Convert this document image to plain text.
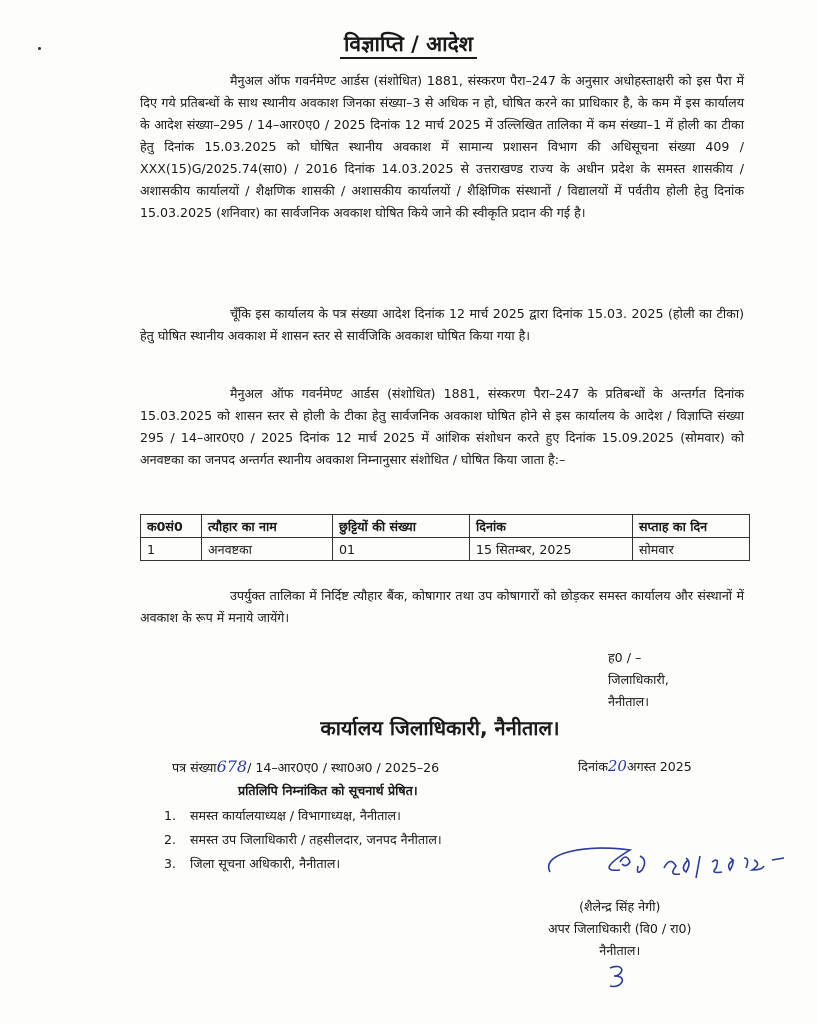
विज्ञाप्ति / आदेश
मैनुअल ऑफ गवर्नमेण्ट आर्डस (संशोधित) 1881, संस्करण पैरा–247 के अनुसार अधोहस्ताक्षरी को इस पैरा में दिए गये प्रतिबन्धों के साथ स्थानीय अवकाश जिनका संख्या–3 से अधिक न हो, घोषित करने का प्राधिकार है, के कम में इस कार्यालय के आदेश संख्या–295 / 14–आर0ए0 / 2025 दिनांक 12 मार्च 2025 में उल्लिखित तालिका में कम संख्या–1 में होली का टीका हेतु दिनांक 15.03.2025 को घोषित स्थानीय अवकाश में सामान्य प्रशासन विभाग की अधिसूचना संख्या 409 / XXX(15)G/2025.74(सा0) / 2016 दिनांक 14.03.2025 से उत्तराखण्ड राज्य के अधीन प्रदेश के समस्त शासकीय / अशासकीय कार्यालयों / शैक्षणिक शासकी / अशासकीय कार्यालयों / शैक्षिणिक संस्थानों / विद्यालयों में पर्वतीय होली हेतु दिनांक 15.03.2025 (शनिवार) का सार्वजनिक अवकाश घोषित किये जाने की स्वीकृति प्रदान की गई है।
चूँकि इस कार्यालय के पत्र संख्या आदेश दिनांक 12 मार्च 2025 द्वारा दिनांक 15.03. 2025 (होली का टीका) हेतु घोषित स्थानीय अवकाश में शासन स्तर से सार्वजिकि अवकाश घोषित किया गया है।
मैनुअल ऑफ गवर्नमेण्ट आर्डस (संशोधित) 1881, संस्करण पैरा–247 के प्रतिबन्धों के अन्तर्गत दिनांक 15.03.2025 को शासन स्तर से होली के टीका हेतु सार्वजनिक अवकाश घोषित होने से इस कार्यालय के आदेश / विज्ञाप्ति संख्या 295 / 14–आर0ए0 / 2025 दिनांक 12 मार्च 2025 में आंशिक संशोधन करते हुए दिनांक 15.09.2025 (सोमवार) को अनवष्टका का जनपद अन्तर्गत स्थानीय अवकाश निम्नानुसार संशोधित / घोषित किया जाता है:–
क0सं0	त्यौहार का नाम	छुट्टियों की संख्या	दिनांक	सप्ताह का दिन
1	अनवष्टका	01	15 सितम्बर, 2025	सोमवार
उपर्युक्त तालिका में निर्दिष्ट त्यौहार बैंक, कोषागार तथा उप कोषागारों को छोड़कर समस्त कार्यालय और संस्थानों में अवकाश के रूप में मनाये जायेंगे।
ह0 / –
जिलाधिकारी,
नैनीताल।
कार्यालय जिलाधिकारी, नैनीताल।
पत्र संख्या678/ 14–आर0ए0 / स्था0अ0 / 2025–26	दिनांक20अगस्त 2025
प्रतिलिपि निम्नांकित को सूचनार्थ प्रेषित।
1. समस्त कार्यालयाध्यक्ष / विभागाध्यक्ष, नैनीताल।
2. समस्त उप जिलाधिकारी / तहसीलदार, जनपद नैनीताल।
3. जिला सूचना अधिकारी, नैनीताल।
(शैलेन्द्र सिंह नेगी)
अपर जिलाधिकारी (वि0 / रा0)
नैनीताल।
